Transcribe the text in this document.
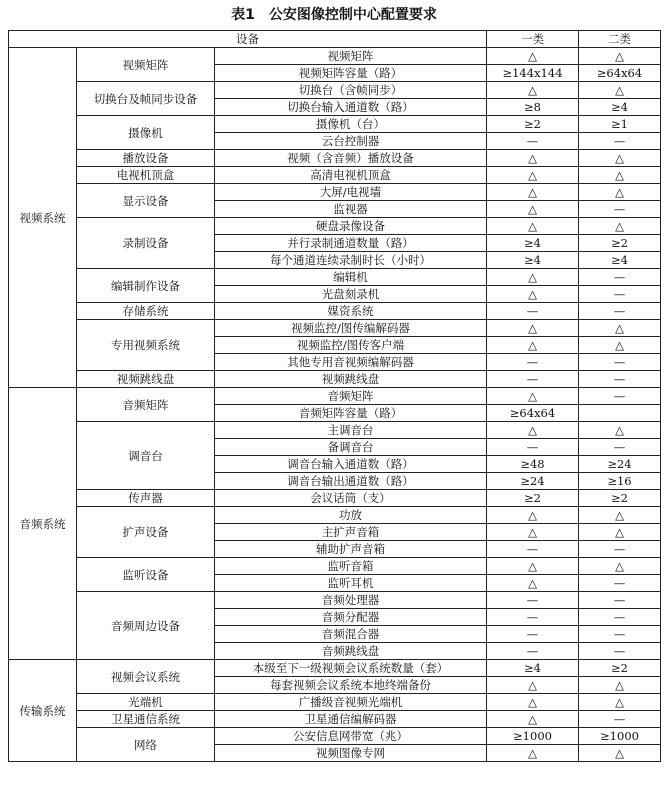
表1　公安图像控制中心配置要求
设备			一类	二类
视频系统	视频矩阵	视频矩阵	△	△
		视频矩阵容量（路）	≥144x144	≥64x64
	切换台及帧同步设备	切换台（含帧同步）	△	△
		切换台输入通道数（路）	≥8	≥4
	摄像机	摄像机（台）	≥2	≥1
		云台控制器	—	—
	播放设备	视频（含音频）播放设备	△	△
	电视机顶盒	高清电视机顶盒	△	△
	显示设备	大屏/电视墙	△	△
		监视器	△	—
	录制设备	硬盘录像设备	△	△
		并行录制通道数量（路）	≥4	≥2
		每个通道连续录制时长（小时）	≥4	≥4
	编辑制作设备	编辑机	△	—
		光盘刻录机	△	—
	存储系统	媒资系统	—	—
	专用视频系统	视频监控/图传编解码器	△	△
		视频监控/图传客户端	△	△
		其他专用音视频编解码器	—	—
	视频跳线盘	视频跳线盘	—	—
音频系统	音频矩阵	音频矩阵	△	—
		音频矩阵容量（路）	≥64x64	
	调音台	主调音台	△	△
		备调音台	—	—
		调音台输入通道数（路）	≥48	≥24
		调音台输出通道数（路）	≥24	≥16
	传声器	会议话筒（支）	≥2	≥2
	扩声设备	功放	△	△
		主扩声音箱	△	△
		辅助扩声音箱	—	—
	监听设备	监听音箱	△	△
		监听耳机	△	—
	音频周边设备	音频处理器	—	—
		音频分配器	—	—
		音频混合器	—	—
		音频跳线盘	—	—
传输系统	视频会议系统	本级至下一级视频会议系统数量（套）	≥4	≥2
		每套视频会议系统本地终端备份	△	△
	光端机	广播级音视频光端机	△	△
	卫星通信系统	卫星通信编解码器	△	—
	网络	公安信息网带宽（兆）	≥1000	≥1000
		视频图像专网	△	△
